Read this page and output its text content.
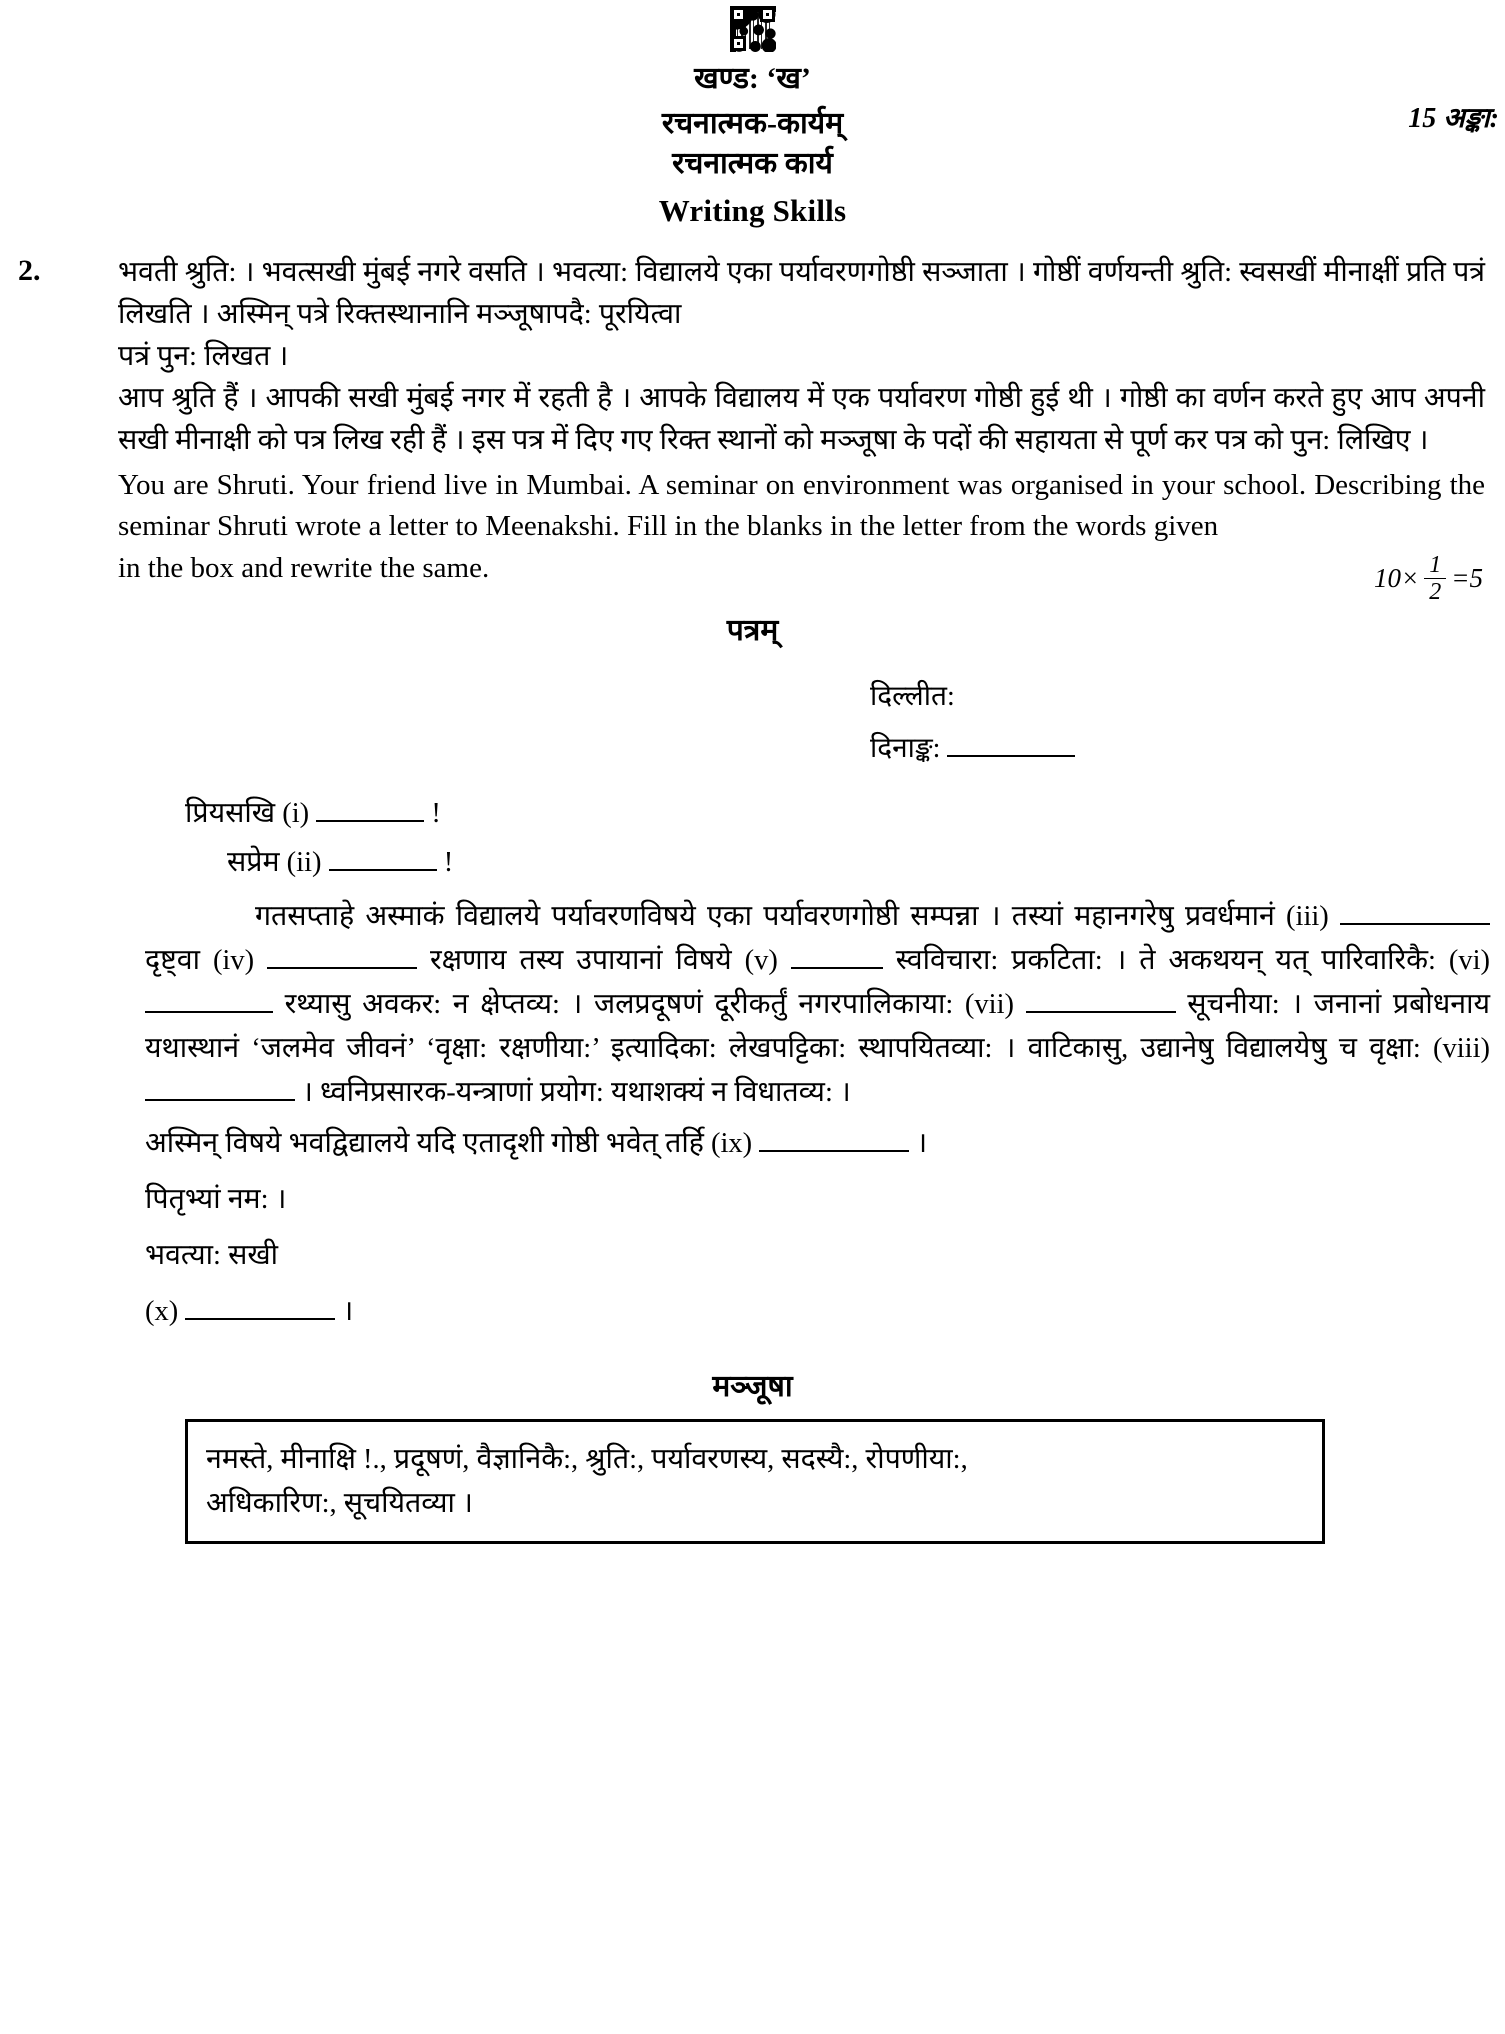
खण्ड: ‘ख’
रचनात्मक-कार्यम्
रचनात्मक कार्य
Writing Skills
15 अङ्का:
2.	भवती श्रुति: । भवत्सखी मुंबई नगरे वसति । भवत्या: विद्यालये एका पर्यावरणगोष्ठी सञ्जाता । गोष्ठीं वर्णयन्ती श्रुति: स्वसखीं मीनाक्षीं प्रति पत्रं लिखति । अस्मिन् पत्रे रिक्तस्थानानि मञ्जूषापदै: पूरयित्वा
पत्रं पुन: लिखत ।
आप श्रुति हैं । आपकी सखी मुंबई नगर में रहती है । आपके विद्यालय में एक पर्यावरण गोष्ठी हुई थी । गोष्ठी का वर्णन करते हुए आप अपनी सखी मीनाक्षी को पत्र लिख रही हैं । इस पत्र में दिए गए रिक्त स्थानों को मञ्जूषा के पदों की सहायता से पूर्ण कर पत्र को पुन: लिखिए ।
You are Shruti. Your friend live in Mumbai. A seminar on environment was organised in your school. Describing the seminar Shruti wrote a letter to Meenakshi. Fill in the blanks in the letter from the words given
in the box and rewrite the same.	$10\times \frac{1}{2} =5$
पत्रम्
दिल्लीत:
दिनाङ्क:
प्रियसखि (i)	!
सप्रेम (ii)	!
गतसप्ताहे अस्माकं विद्यालये पर्यावरणविषये एका पर्यावरणगोष्ठी सम्पन्ना । तस्यां महानगरेषु प्रवर्धमानं (iii)  दृष्ट्वा (iv)	रक्षणाय तस्य उपायानां विषये (v)	स्वविचारा: प्रकटिता: । ते अकथयन् यत् पारिवारिकै: (vi)  रथ्यासु अवकर: न क्षेप्तव्य: । जलप्रदूषणं दूरीकर्तुं नगरपालिकाया: (vii)	सूचनीया: । जनानां प्रबोधनाय यथास्थानं ‘जलमेव जीवनं’ ‘वृक्षा: रक्षणीया:’ इत्यादिका: लेखपट्टिका: स्थापयितव्या: । वाटिकासु, उद्यानेषु विद्यालयेषु च वृक्षा: (viii)  । ध्वनिप्रसारक-यन्त्राणां प्रयोग: यथाशक्यं न विधातव्य: ।
अस्मिन् विषये भवद्विद्यालये यदि एतादृशी गोष्ठी भवेत् तर्हि (ix)	।
पितृभ्यां नम: ।
भवत्या: सखी
(x)	।
मञ्जूषा
नमस्ते, मीनाक्षि !., प्रदूषणं, वैज्ञानिकै:, श्रुति:, पर्यावरणस्य, सदस्यै:, रोपणीया:,
अधिकारिण:, सूचयितव्या ।
